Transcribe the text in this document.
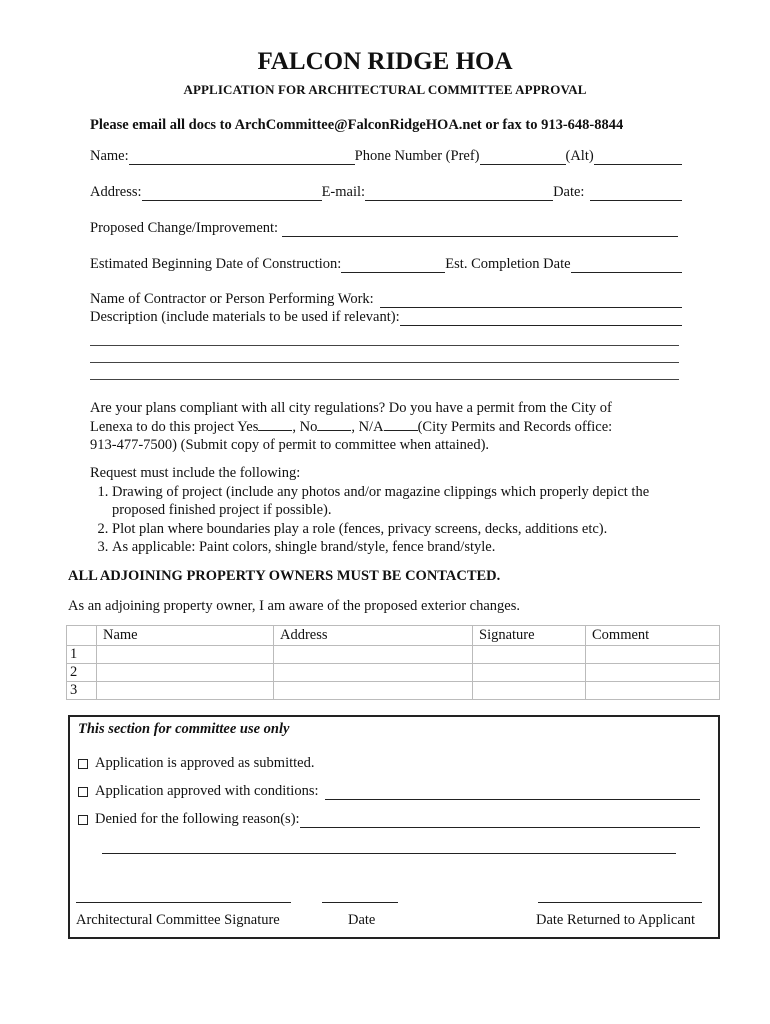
FALCON RIDGE HOA
APPLICATION FOR ARCHITECTURAL COMMITTEE APPROVAL
Please email all docs to ArchCommittee@FalconRidgeHOA.net or fax to 913-648-8844
Name:	Phone Number (Pref)	(Alt)
Address:	E-mail:	Date:
Proposed Change/Improvement:
Estimated Beginning Date of Construction:	Est. Completion Date
Name of Contractor or Person Performing Work:
Description (include materials to be used if relevant):
Are your plans compliant with all city regulations? Do you have a permit from the City of
Lenexa to do this project Yes , No , N/A (City Permits and Records office:
913-477-7500) (Submit copy of permit to committee when attained).
Request must include the following:
1. Drawing of project (include any photos and/or magazine clippings which properly depict the proposed finished project if possible).
2. Plot plan where boundaries play a role (fences, privacy screens, decks, additions etc).
3. As applicable: Paint colors, shingle brand/style, fence brand/style.
ALL ADJOINING PROPERTY OWNERS MUST BE CONTACTED.
As an adjoining property owner, I am aware of the proposed exterior changes.
	Name	Address	Signature	Comment
1				
2				
3				
This section for committee use only
Application is approved as submitted.
Application approved with conditions:
Denied for the following reason(s):
Architectural Committee Signature	Date	Date Returned to Applicant
